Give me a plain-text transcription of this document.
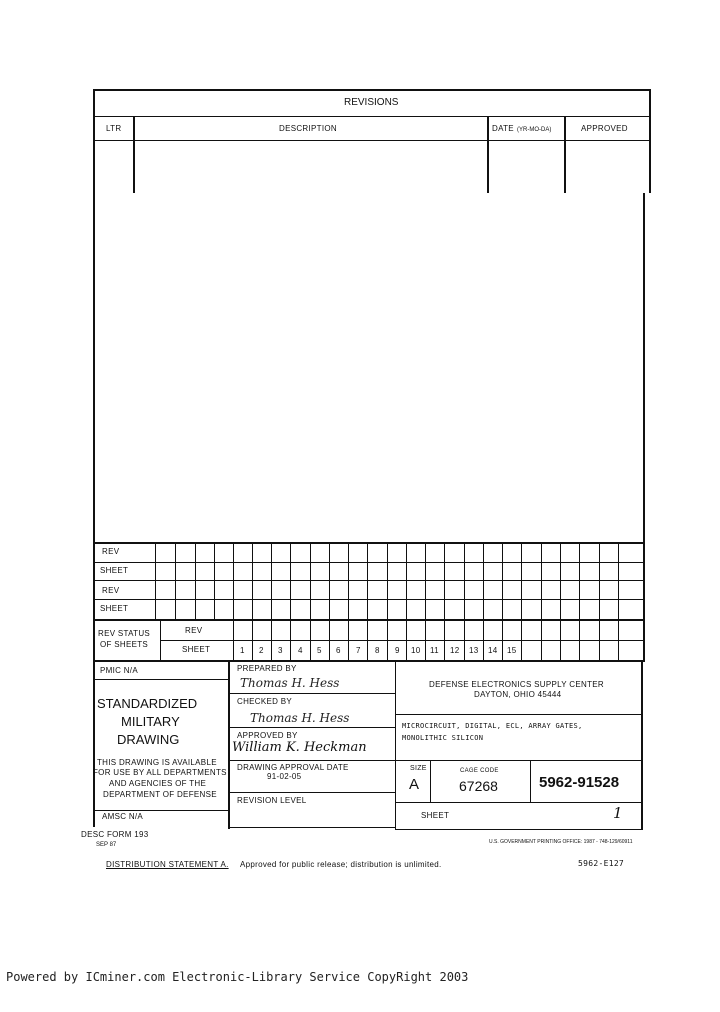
REVISIONS
LTR	DESCRIPTION	DATE (YR-MO-DA)	APPROVED
REV
SHEET
REV
SHEET
REV STATUS
OF SHEETS
REV
SHEET	1 2 3 4 5 6 7 8 9 10 11 12 13 14 15
PMIC N/A
STANDARDIZED
MILITARY
DRAWING
THIS DRAWING IS AVAILABLE
FOR USE BY ALL DEPARTMENTS
AND AGENCIES OF THE
DEPARTMENT OF DEFENSE
AMSC N/A
PREPARED BY
Thomas H. Hess
CHECKED BY
Thomas H. Hess
APPROVED BY
William K. Heckman
DRAWING APPROVAL DATE
91-02-05
REVISION LEVEL
DEFENSE ELECTRONICS SUPPLY CENTER
DAYTON, OHIO 45444
MICROCIRCUIT, DIGITAL, ECL, ARRAY GATES,
MONOLITHIC SILICON
SIZE
A
CAGE CODE
67268	5962-91528
SHEET	1
DESC FORM 193
SEP 87	U.S. GOVERNMENT PRINTING OFFICE: 1987 - 748-129/60911
DISTRIBUTION STATEMENT A. Approved for public release; distribution is unlimited.	5962-E127
Powered by ICminer.com Electronic-Library Service CopyRight 2003
